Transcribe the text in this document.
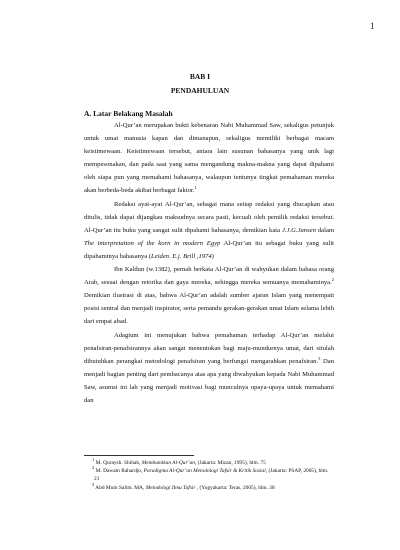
1
BAB I
PENDAHULUAN
A. Latar Belakang Masalah

Al-Qur’an merupakan bukti kebenaran Nabi Muhammad Saw, sekaligus petunjuk untuk umat manusia kapan dan dimanapun, sekaligus memiliki berbagai macam keistimewaan. Keistimewaan tersebut, antara lain susunan bahasanya yang unik lagi mempesonakan, dan pada saat yang sama mengandung makna-makna yang dapat dipahami oleh siapa pun yang memahami bahasanya, walaupun tentunya tingkat pemahaman mereka akan berbeda-beda akibat berbagai faktor.$^1$

Redaksi ayat-ayat Al-Qur’an, sebagai mana setiap redaksi yang diucapkan atau ditulis, tidak dapat dijangkau maksudnya secara pasti, kecuali oleh pemilik redaksi tersebut. Al-Qur’an itu buku yang sangat sulit dipahami bahasanya, demikian kata J.J.G.Jansen dalam The interpretation of the korn in modern Egyp Al-Qur’an itu sebagai buku yang sulit dipahaminya bahasanya (Leiden. E.j. Brill ,1974)

Ibn Kaldun (w.1382), pernah berkata Al-Qur’an di wahyukan dalam bahasa orang Arab, sesuai dengan retorika dan gaya mereka, sehingga mereka semuanya memahaminya.$^2$ Demikian ilustrasi di atas, bahwa Al-Qur’an adalah sumber ajaran Islam yang menempati posisi sentral dan menjadi inspirator, serta pemandu gerakan-gerakan umat Islam selama lebih dari empat abad.

Adagium ini menujukan bahwa pemahaman terhadap Al-Qur’an melalui penafsiran-penafsirannya akan sangat menentukan bagi maju-mundurnya umat, dari situlah dibutuhkan perangkat metodologi penafsiran yang berfungsi mengarahkan penafsiran.$^3$ Dan menjadi bagian penting dari pembacanya atas apa yang diwahyukan kepada Nabi Muhammad Saw, asumsi ini lah yang menjadi motivasi bagi munculnya upaya-upaya untuk memahami dan

$^1$ M. Quraysh. Shihab, Membumikan Al-Qur’an, (Jakarta: Mizan, 1995), hlm. 75
$^2$ M. Dawam Rahardjo, Paradigma Al-Qur’an Metodologi Tafsir & Kritik Sosial, (Jakarta: PSAP, 2005), hlm. 21
$^3$ Abd Muin Salim. MA, Metodologi Ilmu Tafsir , (Yogyakarta: Teras, 2005), hlm. 38
